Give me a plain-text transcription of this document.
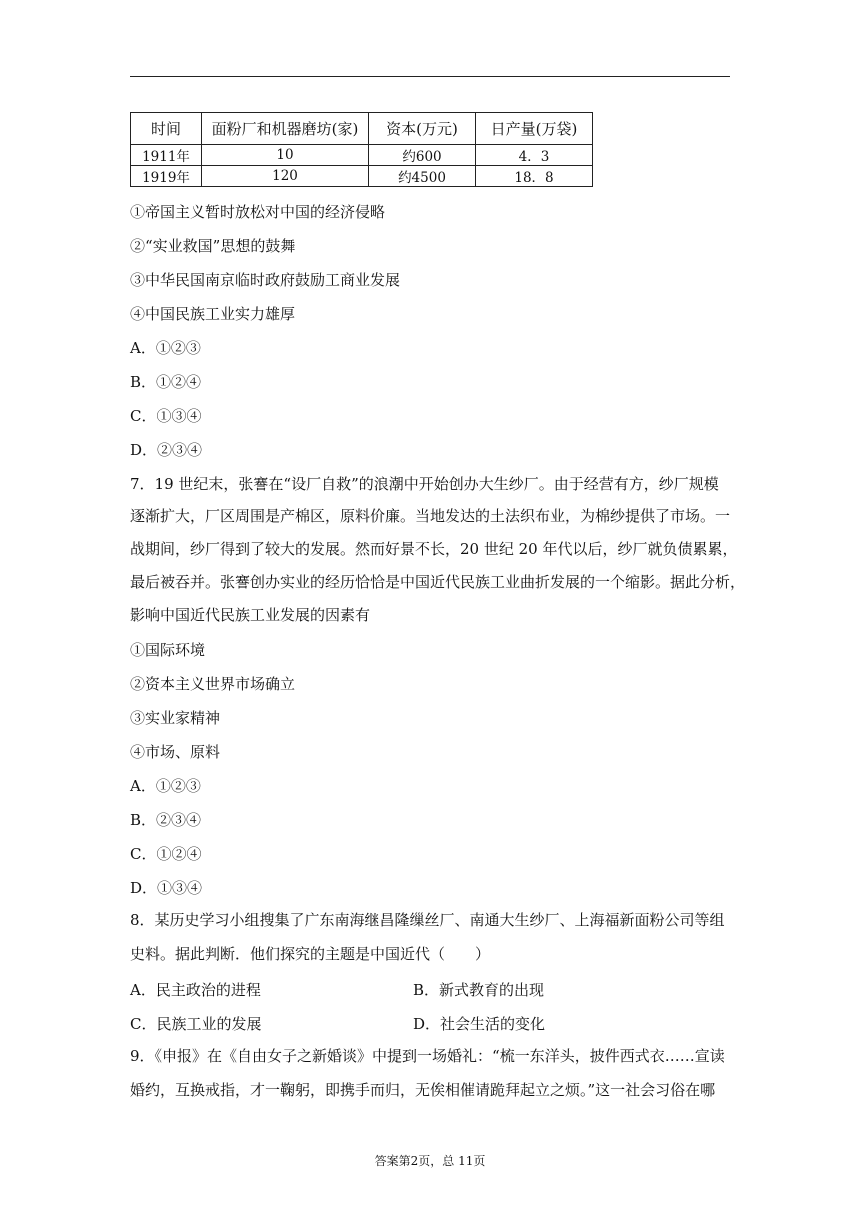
时间	面粉厂和机器磨坊(家)	资本(万元)	日产量(万袋)
1911年	10	约600	4．3
1919年	120	约4500	18．8
①帝国主义暂时放松对中国的经济侵略
②“实业救国”思想的鼓舞
③中华民国南京临时政府鼓励工商业发展
④中国民族工业实力雄厚
A．①②③
B．①②④
C．①③④
D．②③④
7．19 世纪末，张謇在“设厂自救”的浪潮中开始创办大生纱厂。由于经营有方，纱厂规模
逐渐扩大，厂区周围是产棉区，原料价廉。当地发达的土法织布业，为棉纱提供了市场。一
战期间，纱厂得到了较大的发展。然而好景不长，20 世纪 20 年代以后，纱厂就负债累累，
最后被吞并。张謇创办实业的经历恰恰是中国近代民族工业曲折发展的一个缩影。据此分析，
影响中国近代民族工业发展的因素有
①国际环境
②资本主义世界市场确立
③实业家精神
④市场、原料
A．①②③
B．②③④
C．①②④
D．①③④
8．某历史学习小组搜集了广东南海继昌隆缫丝厂、南通大生纱厂、上海福新面粉公司等组
史料。据此判断．他们探究的主题是中国近代（　　）
A．民主政治的进程	B．新式教育的出现
C．民族工业的发展	D．社会生活的变化
9．《申报》在《自由女子之新婚谈》中提到一场婚礼：“梳一东洋头，披件西式衣……宣读
婚约，互换戒指，才一鞠躬，即携手而归，无俟相催请跪拜起立之烦。”这一社会习俗在哪
答案第2页，总 11页
